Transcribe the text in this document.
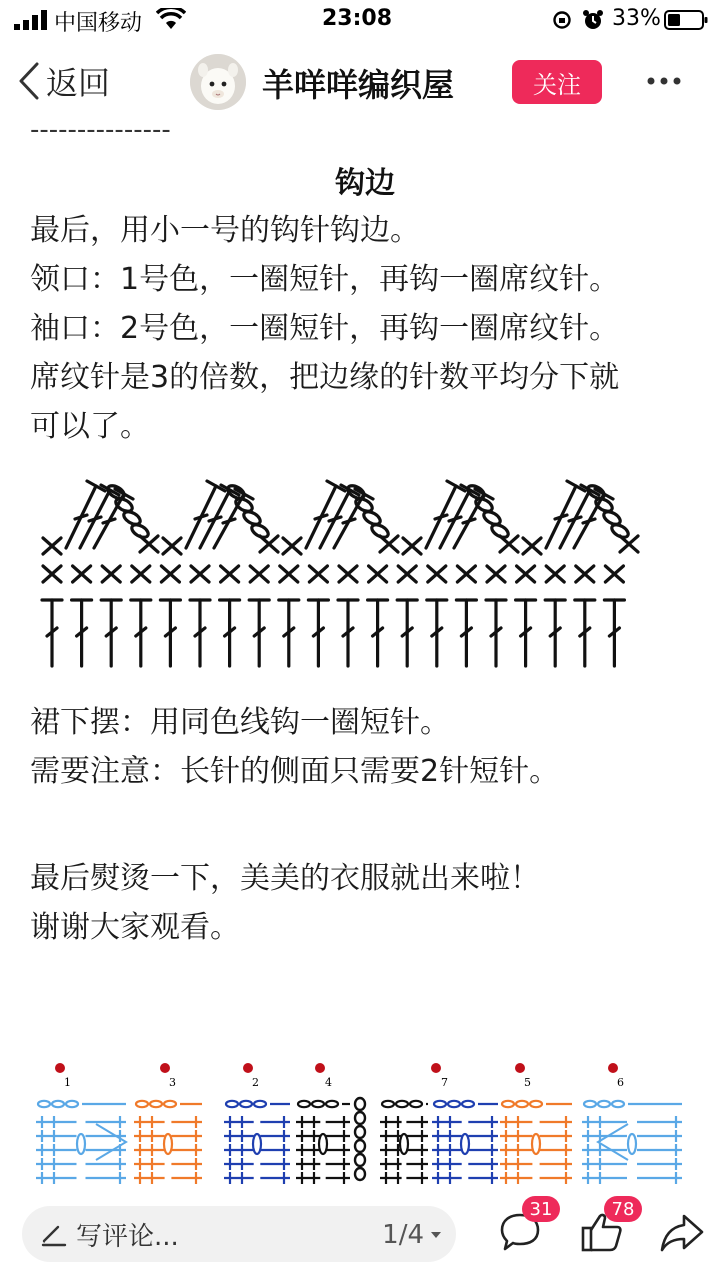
中国移动	23:08	33%
返回	羊咩咩编织屋	关注
---------------
钩边
最后，用小一号的钩针钩边。
领口：1号色，一圈短针，再钩一圈席纹针。
袖口：2号色，一圈短针，再钩一圈席纹针。
席纹针是3的倍数，把边缘的针数平均分下就
可以了。
裙下摆：用同色线钩一圈短针。
需要注意：长针的侧面只需要2针短针。
最后熨烫一下，美美的衣服就出来啦！
谢谢大家观看。
1	3	2	4	7	5	6
写评论...	1/4
31	78
